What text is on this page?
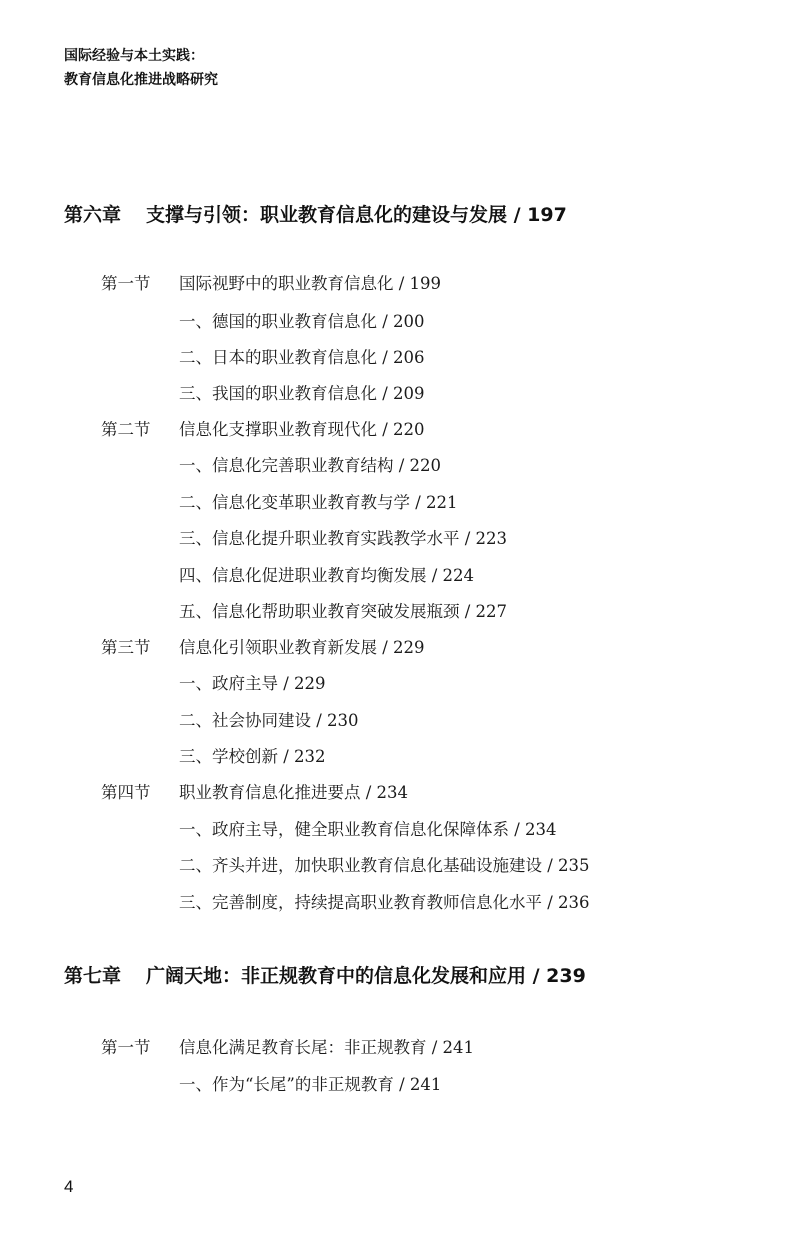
国际经验与本土实践：
教育信息化推进战略研究
第六章 支撑与引领：职业教育信息化的建设与发展 / 197
第一节 国际视野中的职业教育信息化 / 199
一、德国的职业教育信息化 / 200
二、日本的职业教育信息化 / 206
三、我国的职业教育信息化 / 209
第二节 信息化支撑职业教育现代化 / 220
一、信息化完善职业教育结构 / 220
二、信息化变革职业教育教与学 / 221
三、信息化提升职业教育实践教学水平 / 223
四、信息化促进职业教育均衡发展 / 224
五、信息化帮助职业教育突破发展瓶颈 / 227
第三节 信息化引领职业教育新发展 / 229
一、政府主导 / 229
二、社会协同建设 / 230
三、学校创新 / 232
第四节 职业教育信息化推进要点 / 234
一、政府主导，健全职业教育信息化保障体系 / 234
二、齐头并进，加快职业教育信息化基础设施建设 / 235
三、完善制度，持续提高职业教育教师信息化水平 / 236
第七章 广阔天地：非正规教育中的信息化发展和应用 / 239
第一节 信息化满足教育长尾：非正规教育 / 241
一、作为“长尾”的非正规教育 / 241
4
